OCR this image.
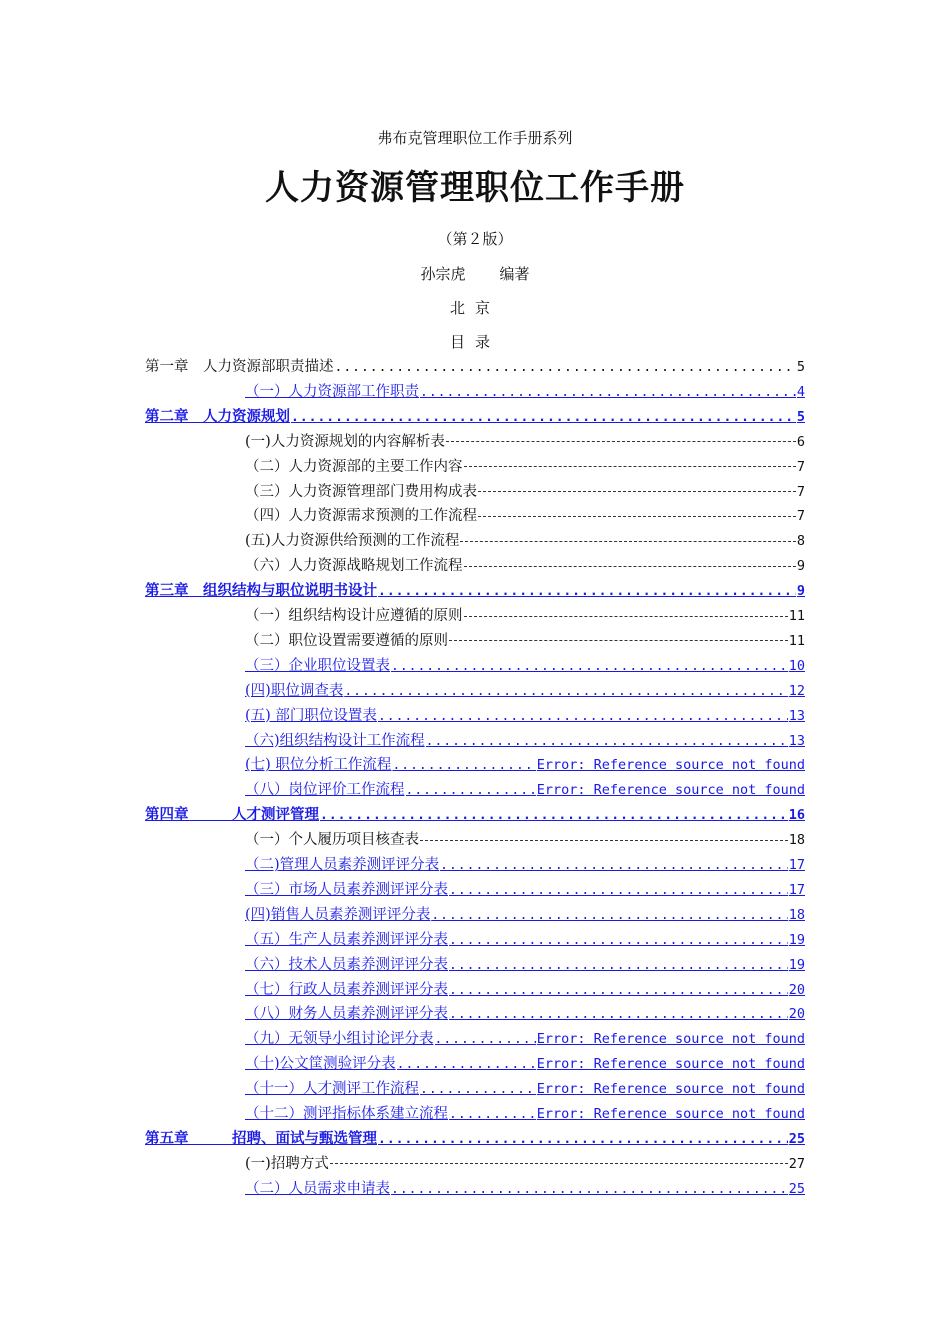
弗布克管理职位工作手册系列
人力资源管理职位工作手册
（第２版）
孙宗虎 编著
北京
目录
第一章　人力资源部职责描述 .....	5
（一）人力资源部工作职责 .....	4
第二章　人力资源规划 .....	5
(一)人力资源规划的内容解析表	6
（二）人力资源部的主要工作内容	7
（三）人力资源管理部门费用构成表	7
（四）人力资源需求预测的工作流程	7
(五)人力资源供给预测的工作流程	8
（六）人力资源战略规划工作流程	9
第三章　组织结构与职位说明书设计 .....	9
（一）组织结构设计应遵循的原则	11
（二）职位设置需要遵循的原则	11
（三）企业职位设置表 .....	10
(四)职位调查表 .....	12
(五) 部门职位设置表 .....	13
（六)组织结构设计工作流程 .....	13
(七) 职位分析工作流程 .....	Error: Reference source not found
（八）岗位评价工作流程 .....	Error: Reference source not found
第四章　　　人才测评管理 .....	16
（一）个人履历项目核查表	18
（二)管理人员素养测评评分表 .....	17
（三）市场人员素养测评评分表 .....	17
(四)销售人员素养测评评分表 .....	18
（五）生产人员素养测评评分表 .....	19
（六）技术人员素养测评评分表 .....	19
（七）行政人员素养测评评分表 .....	20
（八）财务人员素养测评评分表 .....	20
（九）无领导小组讨论评分表 .....	Error: Reference source not found
（十)公文筐测验评分表 .....	Error: Reference source not found
（十一）人才测评工作流程 .....	Error: Reference source not found
（十二）测评指标体系建立流程 .....	Error: Reference source not found
第五章　　　招聘、面试与甄选管理 .....	25
(一)招聘方式	27
（二）人员需求申请表 .....	25
